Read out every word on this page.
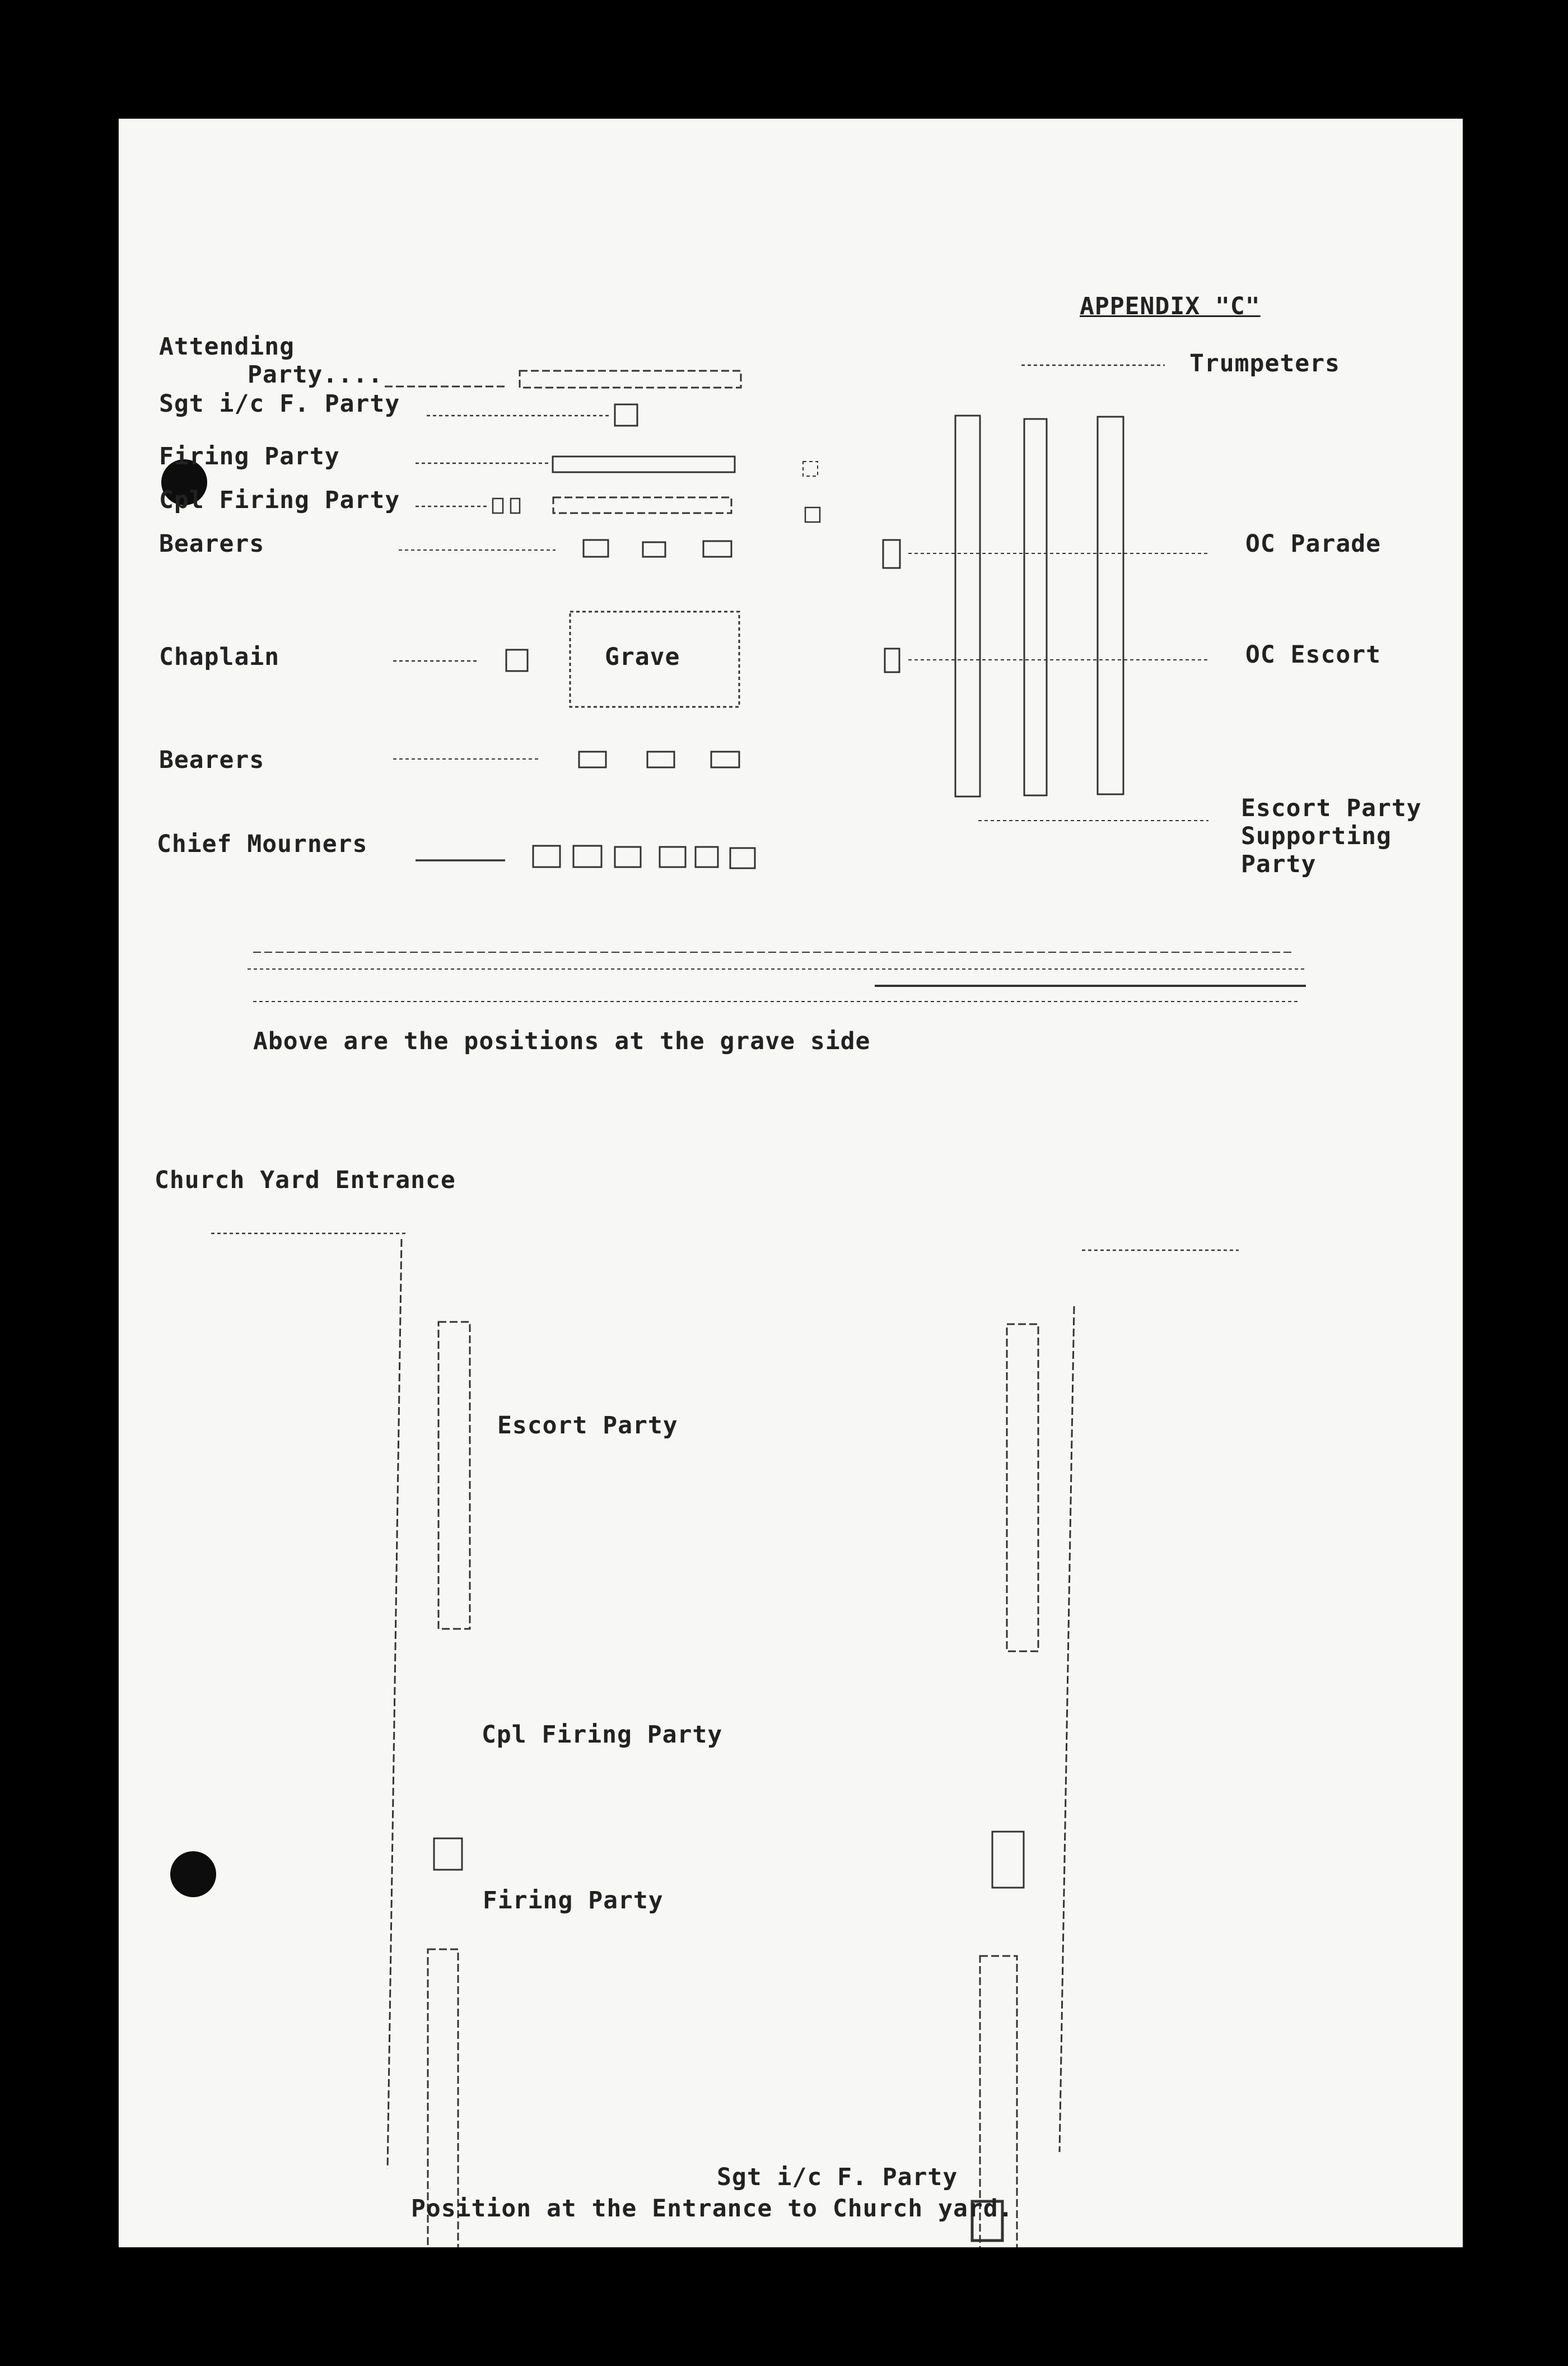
APPENDIX "C"
Attending
Party....
Sgt i/c F. Party
Firing Party
Cpl Firing Party
Bearers
Chaplain	Grave
Bearers
Chief Mourners
Trumpeters
OC Parade
OC Escort
Escort Party
Supporting
Party
Above are the positions at the grave side
Church Yard Entrance
Escort Party
Cpl Firing Party
Firing Party
Sgt i/c F. Party
Position at the Entrance to Church yard.
